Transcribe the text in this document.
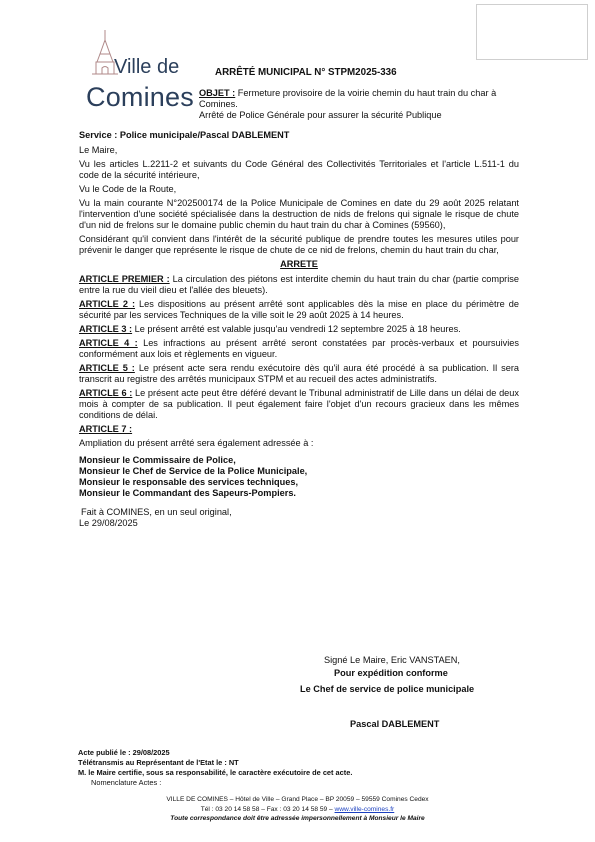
Ville de
Comines
ARRÊTÉ MUNICIPAL N° STPM2025-336
OBJET : Fermeture provisoire de la voirie chemin du haut train du char à Comines.
Arrêté de Police Générale pour assurer la sécurité Publique

Service : Police municipale/Pascal DABLEMENT

Le Maire,

Vu les articles L.2211-2 et suivants du Code Général des Collectivités Territoriales et l'article L.511-1 du code de la sécurité intérieure,

Vu le Code de la Route,

Vu la main courante N°202500174 de la Police Municipale de Comines en date du 29 août 2025 relatant l'intervention d'une société spécialisée dans la destruction de nids de frelons qui signale le risque de chute d'un nid de frelons sur le domaine public chemin du haut train du char à Comines (59560),

Considérant qu'il convient dans l'intérêt de la sécurité publique de prendre toutes les mesures utiles pour prévenir le danger que représente le risque de chute de ce nid de frelons, chemin du haut train du char,

ARRETE

ARTICLE PREMIER : La circulation des piétons est interdite chemin du haut train du char (partie comprise entre la rue du vieil dieu et l'allée des bleuets).

ARTICLE 2 : Les dispositions au présent arrêté sont applicables dès la mise en place du périmètre de sécurité par les services Techniques de la ville soit le 29 août 2025 à 14 heures.

ARTICLE 3 : Le présent arrêté est valable jusqu'au vendredi 12 septembre 2025 à 18 heures.

ARTICLE 4 : Les infractions au présent arrêté seront constatées par procès-verbaux et poursuivies conformément aux lois et règlements en vigueur.

ARTICLE 5 : Le présent acte sera rendu exécutoire dès qu'il aura été procédé à sa publication. Il sera transcrit au registre des arrêtés municipaux STPM et au recueil des actes administratifs.

ARTICLE 6 : Le présent acte peut être déféré devant le Tribunal administratif de Lille dans un délai de deux mois à compter de sa publication. Il peut également faire l'objet d'un recours gracieux dans les mêmes conditions de délai.

ARTICLE 7 :

Ampliation du présent arrêté sera également adressée à :

Monsieur le Commissaire de Police,
Monsieur le Chef de Service de la Police Municipale,
Monsieur le responsable des services techniques,
Monsieur le Commandant des Sapeurs-Pompiers.

Fait à COMINES, en un seul original,

Le 29/08/2025

Signé Le Maire, Eric VANSTAEN,
Pour expédition conforme
Le Chef de service de police municipale
Pascal DABLEMENT
Acte publié le : 29/08/2025
Télétransmis au Représentant de l'Etat le : NT
M. le Maire certifie, sous sa responsabilité, le caractère exécutoire de cet acte.
Nomenclature Actes :
VILLE DE COMINES – Hôtel de Ville – Grand Place – BP 20059 – 59559 Comines Cedex
Tél : 03 20 14 58 58 – Fax : 03 20 14 58 59 – www.ville-comines.fr
Toute correspondance doit être adressée impersonnellement à Monsieur le Maire
